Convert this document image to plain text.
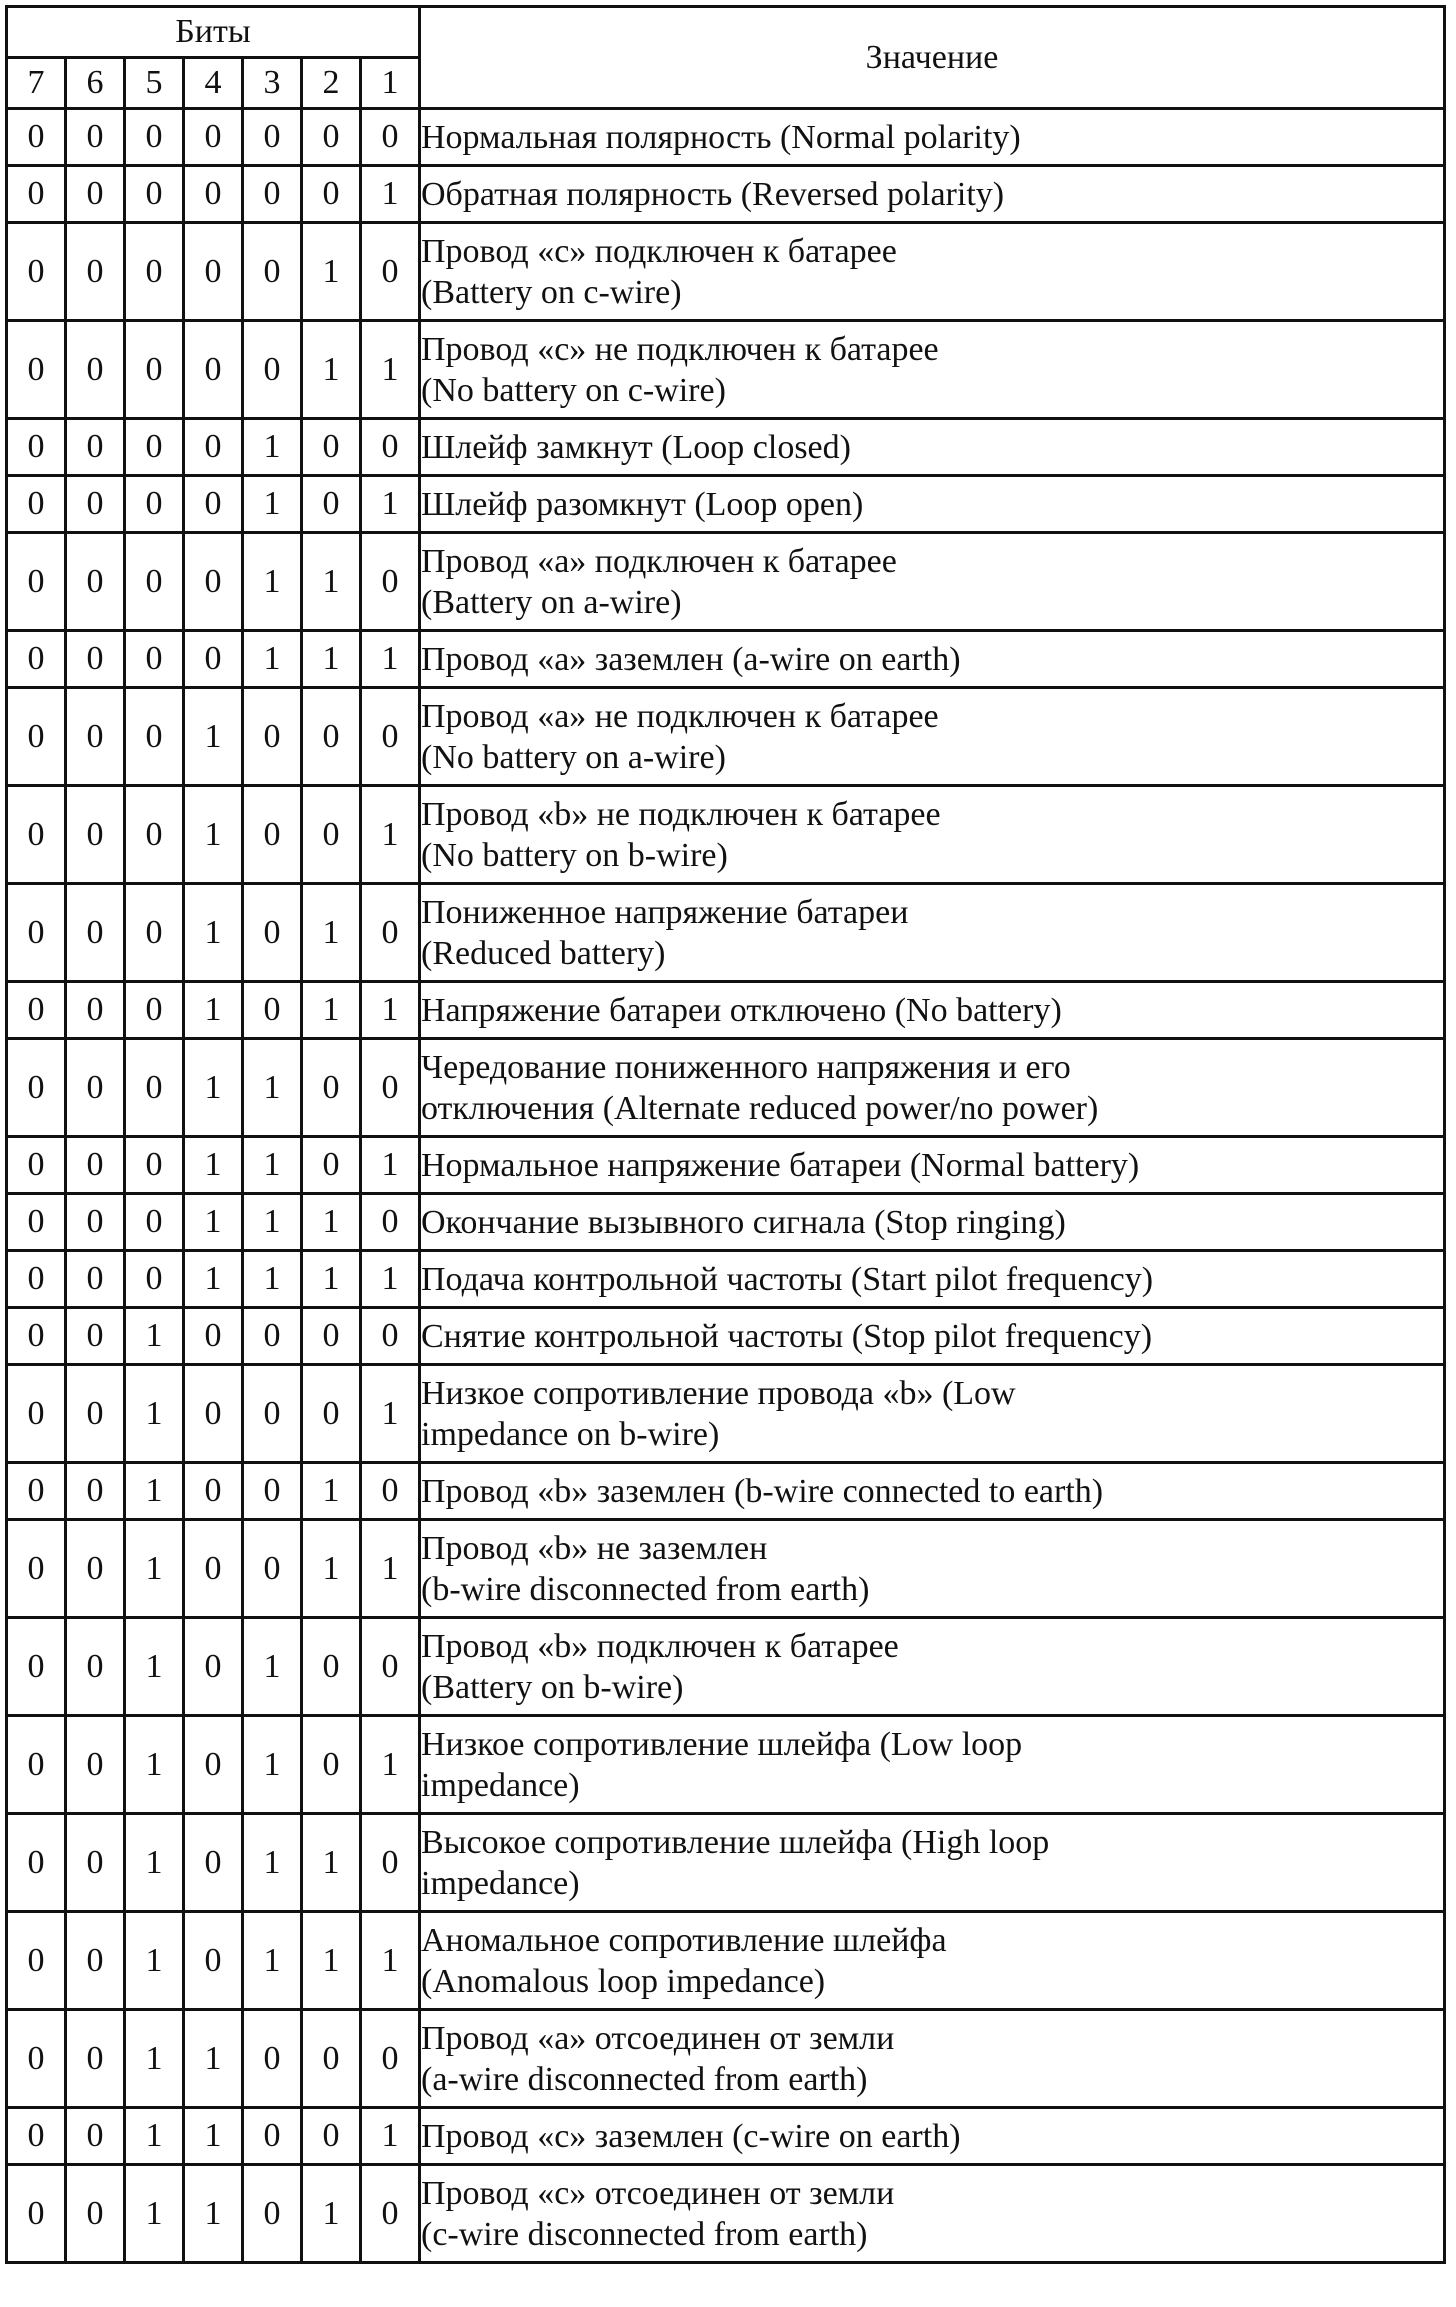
Биты							Значение
7	6	5	4	3	2	1	
0	0	0	0	0	0	0	Нормальная полярность (Normal polarity)

0	0	0	0	0	0	1	Обратная полярность (Reversed polarity)

0	0	0	0	0	1	0	Провод «с» подключен к батарее
(Battery on c-wire)

0	0	0	0	0	1	1	Провод «с» не подключен к батарее
(No battery on c-wire)

0	0	0	0	1	0	0	Шлейф замкнут (Loop closed)

0	0	0	0	1	0	1	Шлейф разомкнут (Loop open)

0	0	0	0	1	1	0	Провод «а» подключен к батарее
(Battery on a-wire)

0	0	0	0	1	1	1	Провод «а» заземлен (a-wire on earth)

0	0	0	1	0	0	0	Провод «а» не подключен к батарее
(No battery on a-wire)

0	0	0	1	0	0	1	Провод «b» не подключен к батарее
(No battery on b-wire)

0	0	0	1	0	1	0	Пониженное напряжение батареи
(Reduced battery)

0	0	0	1	0	1	1	Напряжение батареи отключено (No battery)

0	0	0	1	1	0	0	Чередование пониженного напряжения и его
отключения (Alternate reduced power/no power)

0	0	0	1	1	0	1	Нормальное напряжение батареи (Normal battery)

0	0	0	1	1	1	0	Окончание вызывного сигнала (Stop ringing)

0	0	0	1	1	1	1	Подача контрольной частоты (Start pilot frequency)

0	0	1	0	0	0	0	Снятие контрольной частоты (Stop pilot frequency)

0	0	1	0	0	0	1	Низкое сопротивление провода «b» (Low
impedance on b-wire)

0	0	1	0	0	1	0	Провод «b» заземлен (b-wire connected to earth)

0	0	1	0	0	1	1	Провод «b» не заземлен
(b-wire disconnected from earth)

0	0	1	0	1	0	0	Провод «b» подключен к батарее
(Battery on b-wire)

0	0	1	0	1	0	1	Низкое сопротивление шлейфа (Low loop
impedance)

0	0	1	0	1	1	0	Высокое сопротивление шлейфа (High loop
impedance)

0	0	1	0	1	1	1	Аномальное сопротивление шлейфа
(Anomalous loop impedance)

0	0	1	1	0	0	0	Провод «а» отсоединен от земли
(a-wire disconnected from earth)

0	0	1	1	0	0	1	Провод «с» заземлен (c-wire on earth)

0	0	1	1	0	1	0	Провод «с» отсоединен от земли
(c-wire disconnected from earth)
